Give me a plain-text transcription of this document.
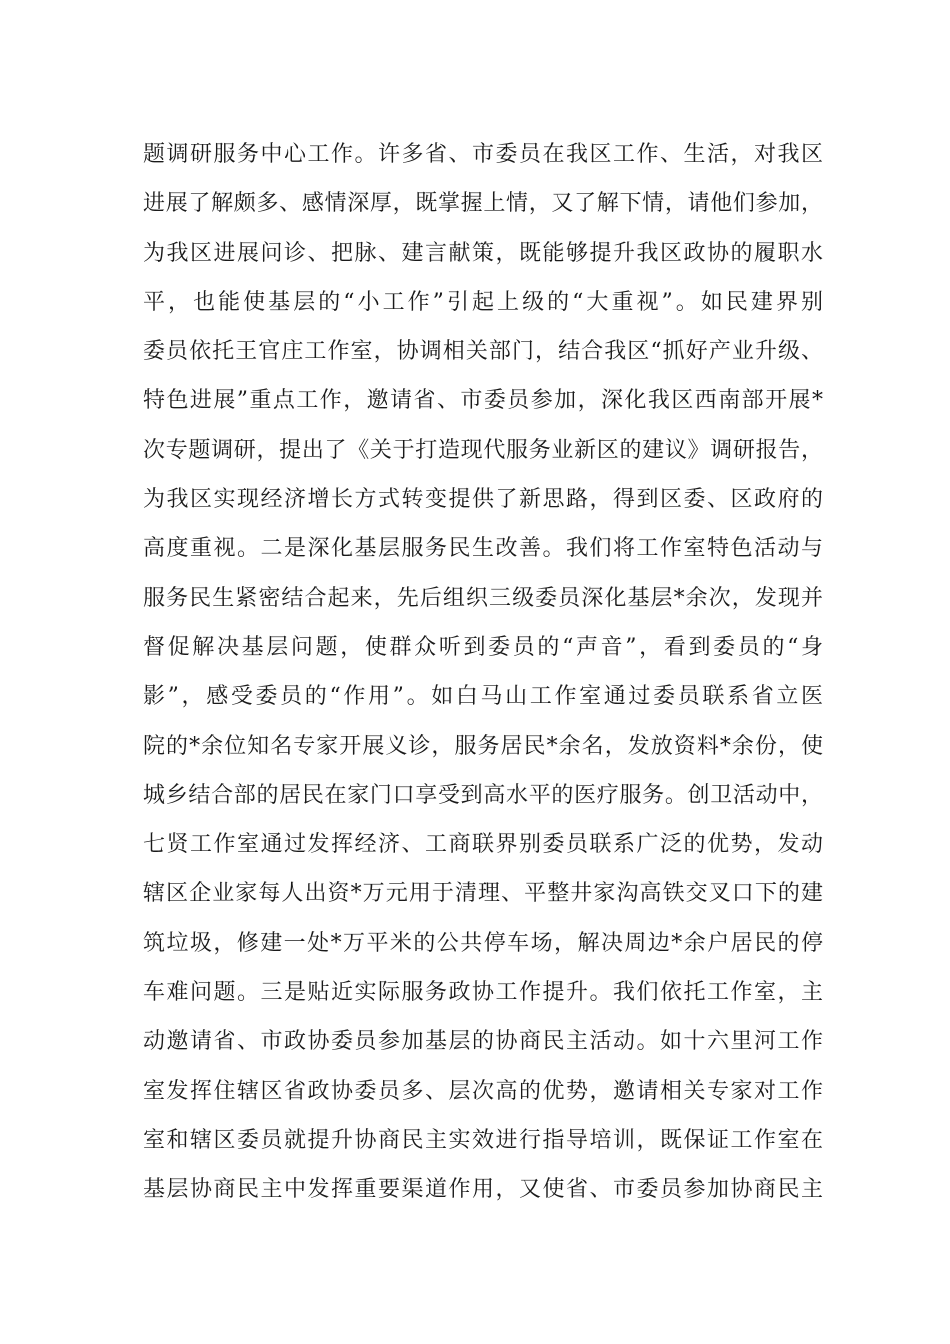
题调研服务中心工作。许多省、市委员在我区工作、生活，对我区
进展了解颇多、感情深厚，既掌握上情，又了解下情，请他们参加，
为我区进展问诊、把脉、建言献策，既能够提升我区政协的履职水
平，也能使基层的“小工作”引起上级的“大重视”。如民建界别
委员依托王官庄工作室，协调相关部门，结合我区“抓好产业升级、
特色进展”重点工作，邀请省、市委员参加，深化我区西南部开展*
次专题调研，提出了《关于打造现代服务业新区的建议》调研报告，
为我区实现经济增长方式转变提供了新思路，得到区委、区政府的
高度重视。二是深化基层服务民生改善。我们将工作室特色活动与
服务民生紧密结合起来，先后组织三级委员深化基层*余次，发现并
督促解决基层问题，使群众听到委员的“声音”，看到委员的“身
影”，感受委员的“作用”。如白马山工作室通过委员联系省立医
院的*余位知名专家开展义诊，服务居民*余名，发放资料*余份，使
城乡结合部的居民在家门口享受到高水平的医疗服务。创卫活动中，
七贤工作室通过发挥经济、工商联界别委员联系广泛的优势，发动
辖区企业家每人出资*万元用于清理、平整井家沟高铁交叉口下的建
筑垃圾，修建一处*万平米的公共停车场，解决周边*余户居民的停
车难问题。三是贴近实际服务政协工作提升。我们依托工作室，主
动邀请省、市政协委员参加基层的协商民主活动。如十六里河工作
室发挥住辖区省政协委员多、层次高的优势，邀请相关专家对工作
室和辖区委员就提升协商民主实效进行指导培训，既保证工作室在
基层协商民主中发挥重要渠道作用，又使省、市委员参加协商民主
